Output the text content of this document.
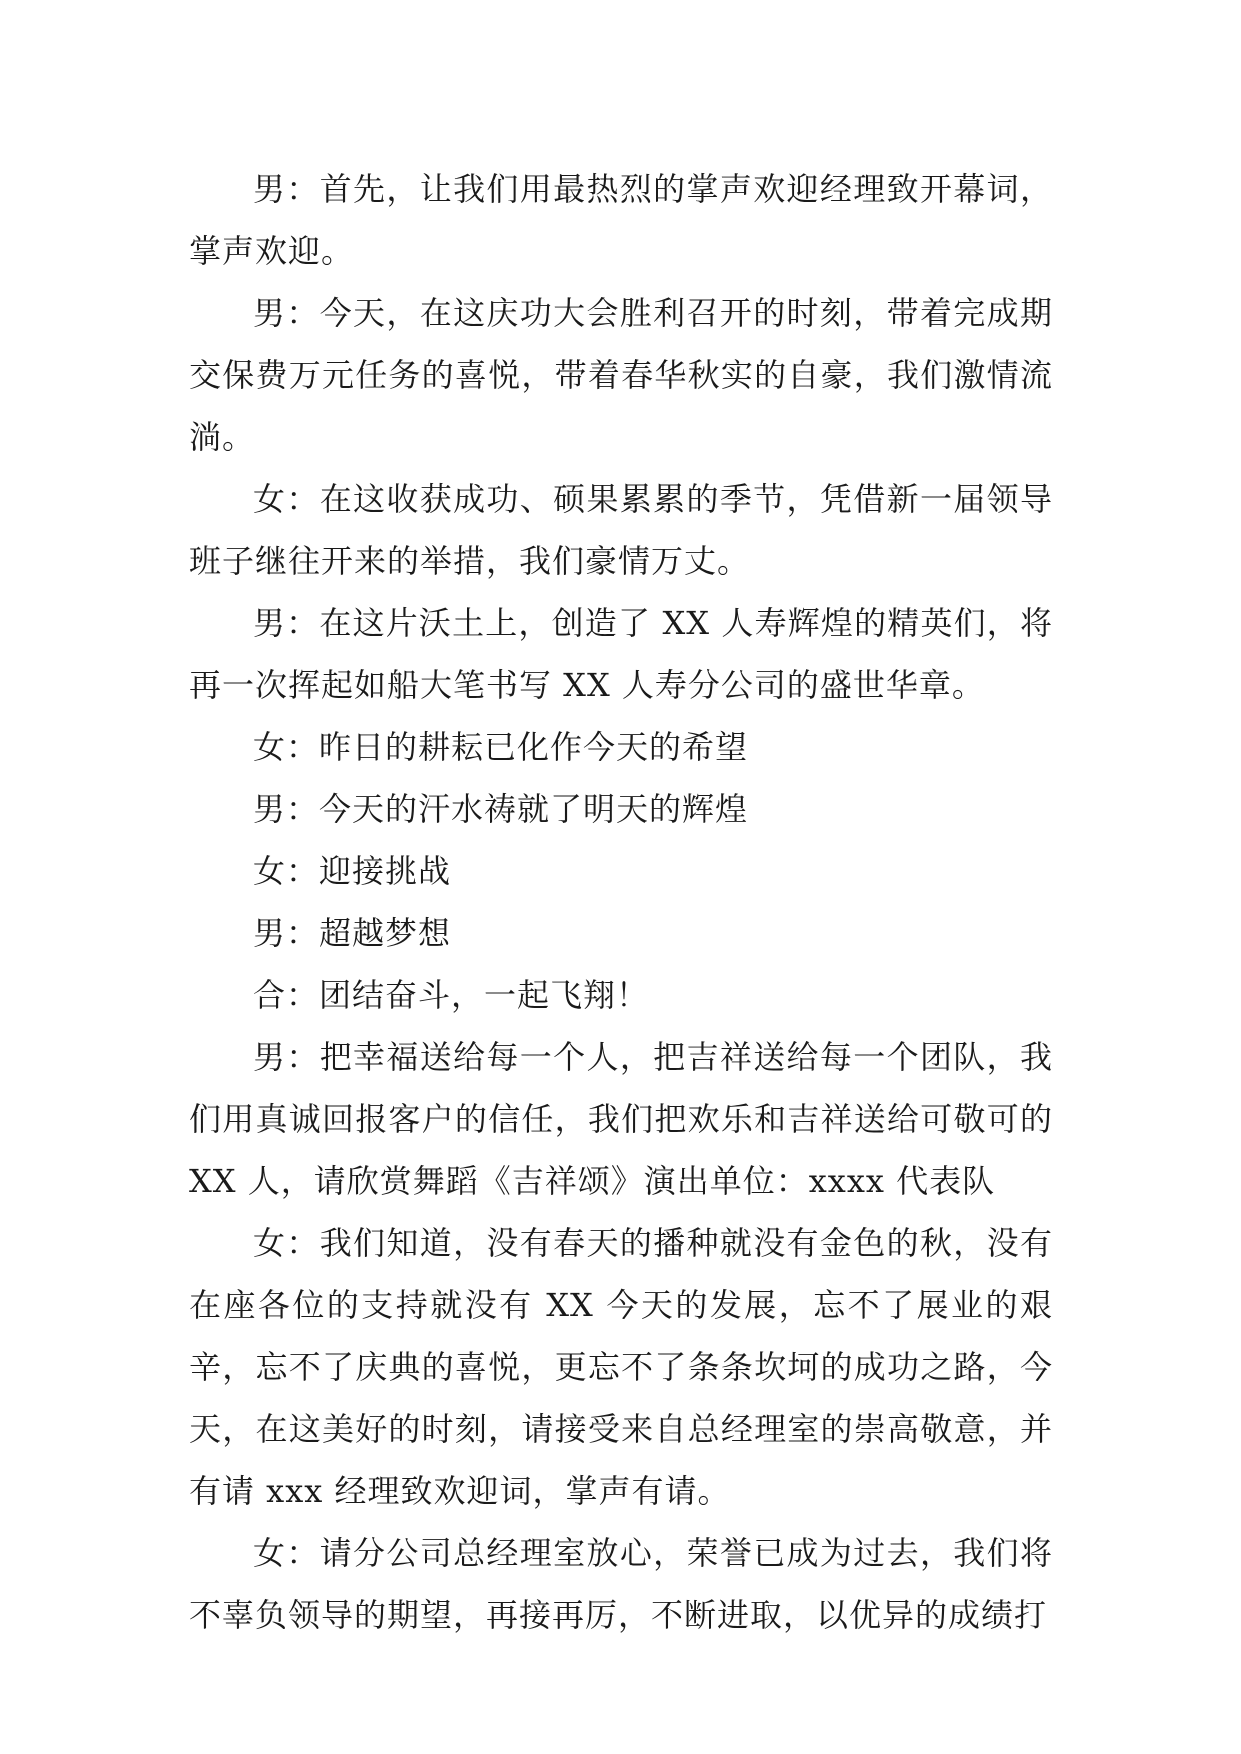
男：首先，让我们用最热烈的掌声欢迎经理致开幕词，掌声欢迎。

男：今天，在这庆功大会胜利召开的时刻，带着完成期交保费万元任务的喜悦，带着春华秋实的自豪，我们激情流淌。

女：在这收获成功、硕果累累的季节，凭借新一届领导班子继往开来的举措，我们豪情万丈。

男：在这片沃土上，创造了 XX 人寿辉煌的精英们，将再一次挥起如船大笔书写 XX 人寿分公司的盛世华章。

女：昨日的耕耘已化作今天的希望

男：今天的汗水祷就了明天的辉煌

女：迎接挑战

男：超越梦想

合：团结奋斗，一起飞翔！

男：把幸福送给每一个人，把吉祥送给每一个团队，我们用真诚回报客户的信任，我们把欢乐和吉祥送给可敬可的 XX 人，请欣赏舞蹈《吉祥颂》演出单位：xxxx 代表队

女：我们知道，没有春天的播种就没有金色的秋，没有在座各位的支持就没有 XX 今天的发展，忘不了展业的艰辛，忘不了庆典的喜悦，更忘不了条条坎坷的成功之路，今天，在这美好的时刻，请接受来自总经理室的崇高敬意，并有请 xxx 经理致欢迎词，掌声有请。

女：请分公司总经理室放心，荣誉已成为过去，我们将不辜负领导的期望，再接再厉，不断进取，以优异的成绩打
